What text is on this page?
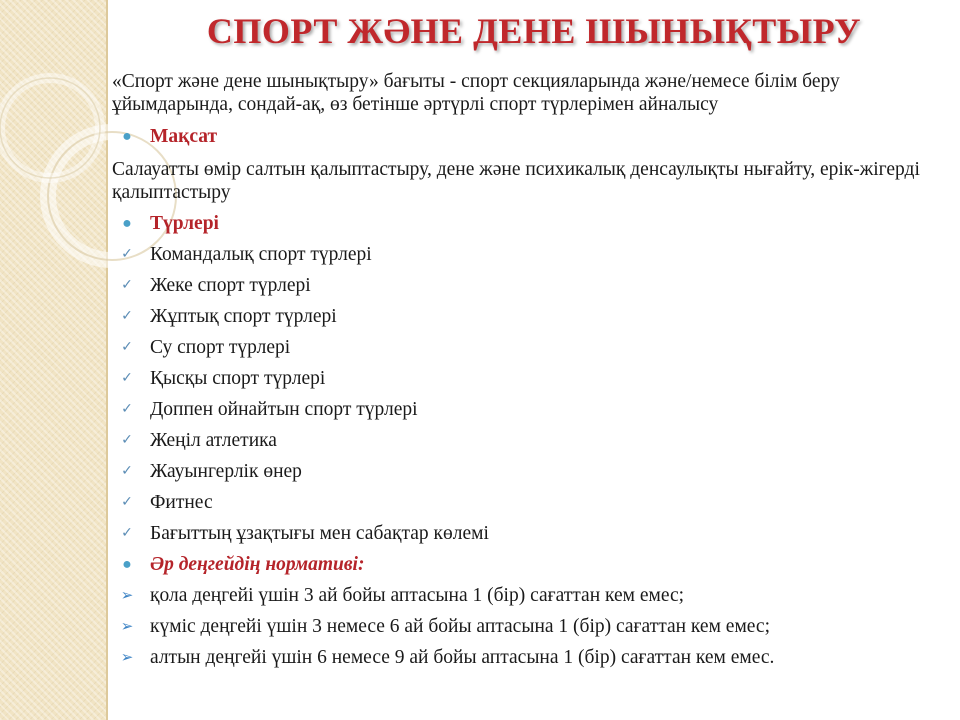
СПОРТ ЖӘНЕ ДЕНЕ ШЫНЫҚТЫРУ
«Спорт және дене шынықтыру» бағыты - спорт секцияларында және/немесе білім беру ұйымдарында, сондай-ақ, өз бетінше әртүрлі спорт түрлерімен айналысу
● Мақсат
Салауатты өмір салтын қалыптастыру, дене және психикалық денсаулықты нығайту, ерік-жігерді қалыптастыру
● Түрлері
✓ Командалық спорт түрлері
✓ Жеке спорт түрлері
✓ Жұптық спорт түрлері
✓ Су спорт түрлері
✓ Қысқы спорт түрлері
✓ Доппен ойнайтын спорт түрлері
✓ Жеңіл атлетика
✓ Жауынгерлік өнер
✓ Фитнес
✓ Бағыттың ұзақтығы мен сабақтар көлемі
● Әр деңгейдің нормативі:
➢ қола деңгейі үшін 3 ай бойы аптасына 1 (бір) сағаттан кем емес;
➢ күміс деңгейі үшін 3 немесе 6 ай бойы аптасына 1 (бір) сағаттан кем емес;
➢ алтын деңгейі үшін 6 немесе 9 ай бойы аптасына 1 (бір) сағаттан кем емес.
